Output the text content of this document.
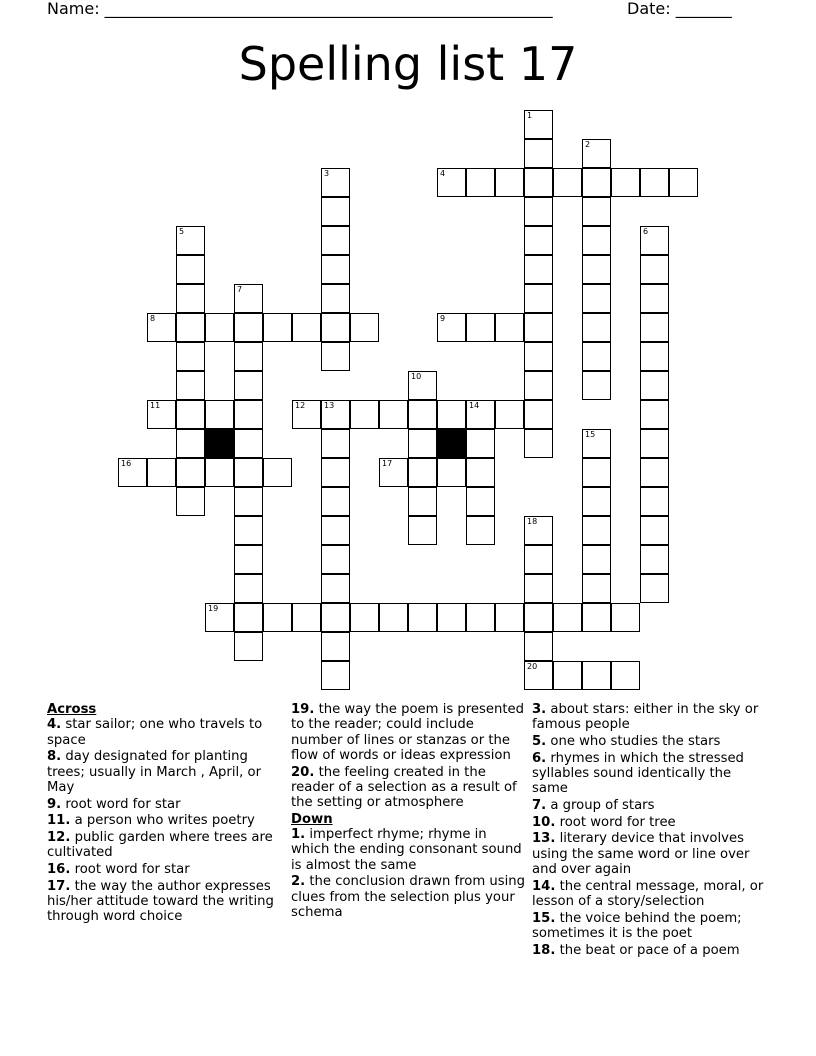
Name: ________________________________________________________	Date: _______
Spelling list 17
4
8	9
11	12 13	14
16	17
19
20
1
2
3
5	6
7
10
15
18
Across
4. star sailor; one who travels to space
8. day designated for planting trees; usually in March , April, or May
9. root word for star
11. a person who writes poetry
12. public garden where trees are cultivated
16. root word for star
17. the way the author expresses his/her attitude toward the writing through word choice
19. the way the poem is presented to the reader; could include number of lines or stanzas or the flow of words or ideas expression
20. the feeling created in the reader of a selection as a result of the setting or atmosphere
Down
1. imperfect rhyme; rhyme in which the ending consonant sound is almost the same
2. the conclusion drawn from using clues from the selection plus your schema
3. about stars: either in the sky or famous people
5. one who studies the stars
6. rhymes in which the stressed syllables sound identically the same
7. a group of stars
10. root word for tree
13. literary device that involves using the same word or line over and over again
14. the central message, moral, or lesson of a story/selection
15. the voice behind the poem; sometimes it is the poet
18. the beat or pace of a poem
